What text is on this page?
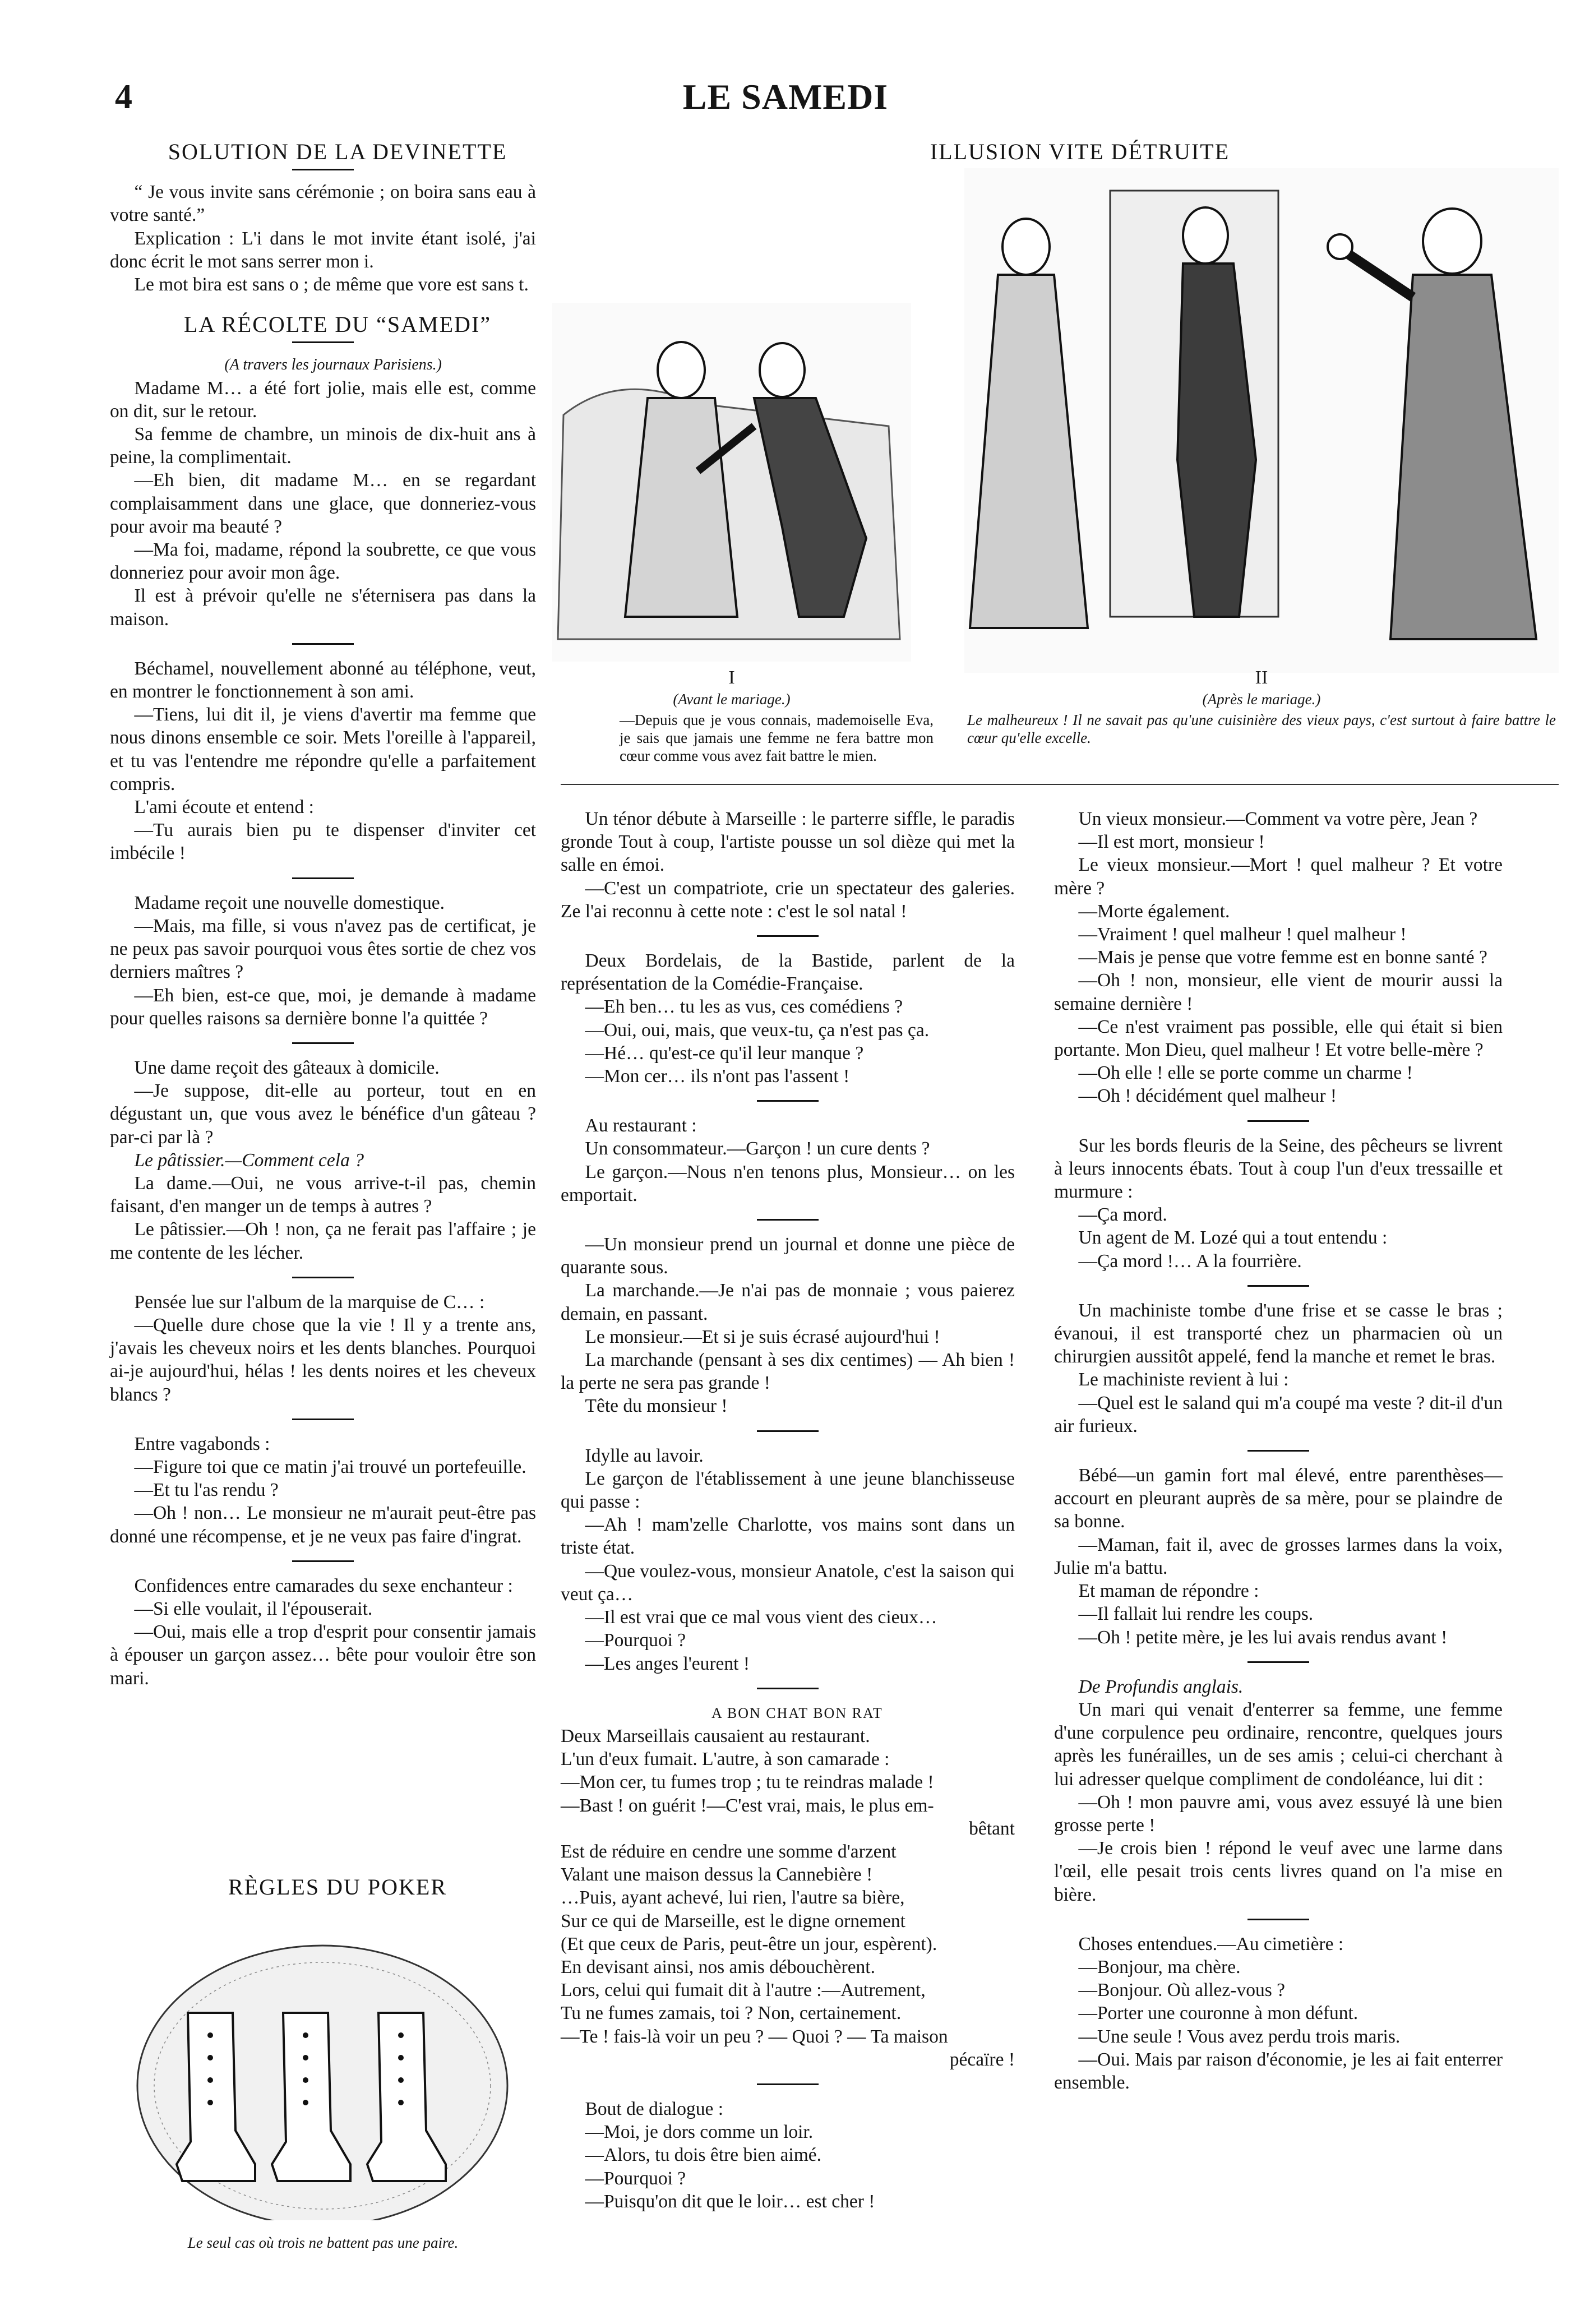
4	LE SAMEDI

SOLUTION DE LA DEVINETTE

“ Je vous invite sans cérémonie ; on boira sans eau à votre santé.”

Explication : L'i dans le mot invite étant isolé, j'ai donc écrit le mot sans serrer mon i.

Le mot bira est sans o ; de même que vore est sans t.

LA RÉCOLTE DU “SAMEDI”

(A travers les journaux Parisiens.)

Madame M… a été fort jolie, mais elle est, comme on dit, sur le retour.

Sa femme de chambre, un minois de dix-huit ans à peine, la complimentait.

—Eh bien, dit madame M… en se regardant complaisamment dans une glace, que donneriez-vous pour avoir ma beauté ?

—Ma foi, madame, répond la soubrette, ce que vous donneriez pour avoir mon âge.

Il est à prévoir qu'elle ne s'éternisera pas dans la maison.

Béchamel, nouvellement abonné au téléphone, veut, en montrer le fonctionnement à son ami.

—Tiens, lui dit il, je viens d'avertir ma femme que nous dinons ensemble ce soir. Mets l'oreille à l'appareil, et tu vas l'entendre me répondre qu'elle a parfaitement compris.

L'ami écoute et entend :

—Tu aurais bien pu te dispenser d'inviter cet imbécile !

Madame reçoit une nouvelle domestique.

—Mais, ma fille, si vous n'avez pas de certificat, je ne peux pas savoir pourquoi vous êtes sortie de chez vos derniers maîtres ?

—Eh bien, est-ce que, moi, je demande à madame pour quelles raisons sa dernière bonne l'a quittée ?

Une dame reçoit des gâteaux à domicile.

—Je suppose, dit-elle au porteur, tout en en dégustant un, que vous avez le bénéfice d'un gâteau ? par-ci par là ?

Le pâtissier.—Comment cela ?

La dame.—Oui, ne vous arrive-t-il pas, chemin faisant, d'en manger un de temps à autres ?

Le pâtissier.—Oh ! non, ça ne ferait pas l'affaire ; je me contente de les lécher.

Pensée lue sur l'album de la marquise de C… :

—Quelle dure chose que la vie ! Il y a trente ans, j'avais les cheveux noirs et les dents blanches. Pourquoi ai-je aujourd'hui, hélas ! les dents noires et les cheveux blancs ?

Entre vagabonds :

—Figure toi que ce matin j'ai trouvé un portefeuille.

—Et tu l'as rendu ?

—Oh ! non… Le monsieur ne m'aurait peut-être pas donné une récompense, et je ne veux pas faire d'ingrat.

Confidences entre camarades du sexe enchanteur :

—Si elle voulait, il l'épouserait.

—Oui, mais elle a trop d'esprit pour consentir jamais à épouser un garçon assez… bête pour vouloir être son mari.

RÈGLES DU POKER

Le seul cas où trois ne battent pas une paire.

ILLUSION VITE DÉTRUITE

I
(Avant le mariage.)
—Depuis que je vous connais, mademoiselle Eva, je sais que jamais une femme ne fera battre mon cœur comme vous avez fait battre le mien.
II
(Après le mariage.)
Le malheureux ! Il ne savait pas qu'une cuisinière des vieux pays, c'est surtout à faire battre le cœur qu'elle excelle.

Un ténor débute à Marseille : le parterre siffle, le paradis gronde Tout à coup, l'artiste pousse un sol dièze qui met la salle en émoi.

—C'est un compatriote, crie un spectateur des galeries. Ze l'ai reconnu à cette note : c'est le sol natal !

Deux Bordelais, de la Bastide, parlent de la représentation de la Comédie-Française.

—Eh ben… tu les as vus, ces comédiens ?

—Oui, oui, mais, que veux-tu, ça n'est pas ça.

—Hé… qu'est-ce qu'il leur manque ?

—Mon cer… ils n'ont pas l'assent !

Au restaurant :

Un consommateur.—Garçon ! un cure dents ?

Le garçon.—Nous n'en tenons plus, Monsieur… on les emportait.

—Un monsieur prend un journal et donne une pièce de quarante sous.

La marchande.—Je n'ai pas de monnaie ; vous paierez demain, en passant.

Le monsieur.—Et si je suis écrasé aujourd'hui !

La marchande (pensant à ses dix centimes) — Ah bien ! la perte ne sera pas grande !

Tête du monsieur !

Idylle au lavoir.

Le garçon de l'établissement à une jeune blanchisseuse qui passe :

—Ah ! mam'zelle Charlotte, vos mains sont dans un triste état.

—Que voulez-vous, monsieur Anatole, c'est la saison qui veut ça…

—Il est vrai que ce mal vous vient des cieux…

—Pourquoi ?

—Les anges l'eurent !

A BON CHAT BON RAT

Deux Marseillais causaient au restaurant.

L'un d'eux fumait. L'autre, à son camarade :

—Mon cer, tu fumes trop ; tu te reindras malade !

—Bast ! on guérit !—C'est vrai, mais, le plus em-

bêtant

Est de réduire en cendre une somme d'arzent

Valant une maison dessus la Cannebière !

…Puis, ayant achevé, lui rien, l'autre sa bière,

Sur ce qui de Marseille, est le digne ornement

(Et que ceux de Paris, peut-être un jour, espèrent).

En devisant ainsi, nos amis débouchèrent.

Lors, celui qui fumait dit à l'autre :—Autrement,

Tu ne fumes zamais, toi ? Non, certainement.

—Te ! fais-là voir un peu ? — Quoi ? — Ta maison

pécaïre !

Bout de dialogue :

—Moi, je dors comme un loir.

—Alors, tu dois être bien aimé.

—Pourquoi ?

—Puisqu'on dit que le loir… est cher !

Un vieux monsieur.—Comment va votre père, Jean ?

—Il est mort, monsieur !

Le vieux monsieur.—Mort ! quel malheur ? Et votre mère ?

—Morte également.

—Vraiment ! quel malheur ! quel malheur !

—Mais je pense que votre femme est en bonne santé ?

—Oh ! non, monsieur, elle vient de mourir aussi la semaine dernière !

—Ce n'est vraiment pas possible, elle qui était si bien portante. Mon Dieu, quel malheur ! Et votre belle-mère ?

—Oh elle ! elle se porte comme un charme !

—Oh ! décidément quel malheur !

Sur les bords fleuris de la Seine, des pêcheurs se livrent à leurs innocents ébats. Tout à coup l'un d'eux tressaille et murmure :

—Ça mord.

Un agent de M. Lozé qui a tout entendu :

—Ça mord !… A la fourrière.

Un machiniste tombe d'une frise et se casse le bras ; évanoui, il est transporté chez un pharmacien où un chirurgien aussitôt appelé, fend la manche et remet le bras.

Le machiniste revient à lui :

—Quel est le saland qui m'a coupé ma veste ? dit-il d'un air furieux.

Bébé—un gamin fort mal élevé, entre parenthèses—accourt en pleurant auprès de sa mère, pour se plaindre de sa bonne.

—Maman, fait il, avec de grosses larmes dans la voix, Julie m'a battu.

Et maman de répondre :

—Il fallait lui rendre les coups.

—Oh ! petite mère, je les lui avais rendus avant !

De Profundis anglais.

Un mari qui venait d'enterrer sa femme, une femme d'une corpulence peu ordinaire, rencontre, quelques jours après les funérailles, un de ses amis ; celui-ci cherchant à lui adresser quelque compliment de condoléance, lui dit :

—Oh ! mon pauvre ami, vous avez essuyé là une bien grosse perte !

—Je crois bien ! répond le veuf avec une larme dans l'œil, elle pesait trois cents livres quand on l'a mise en bière.

Choses entendues.—Au cimetière :

—Bonjour, ma chère.

—Bonjour. Où allez-vous ?

—Porter une couronne à mon défunt.

—Une seule ! Vous avez perdu trois maris.

—Oui. Mais par raison d'économie, je les ai fait enterrer ensemble.
